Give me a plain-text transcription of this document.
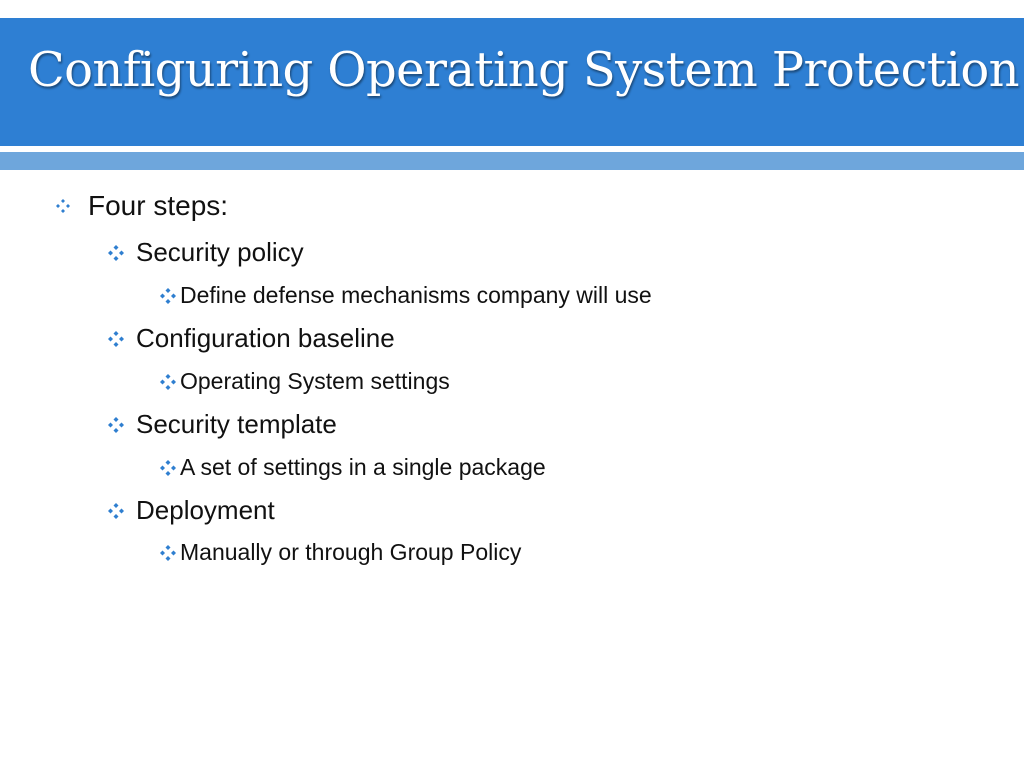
Configuring Operating System Protection
Four steps:
Security policy
Define defense mechanisms company will use
Configuration baseline
Operating System settings
Security template
A set of settings in a single package
Deployment
Manually or through Group Policy
